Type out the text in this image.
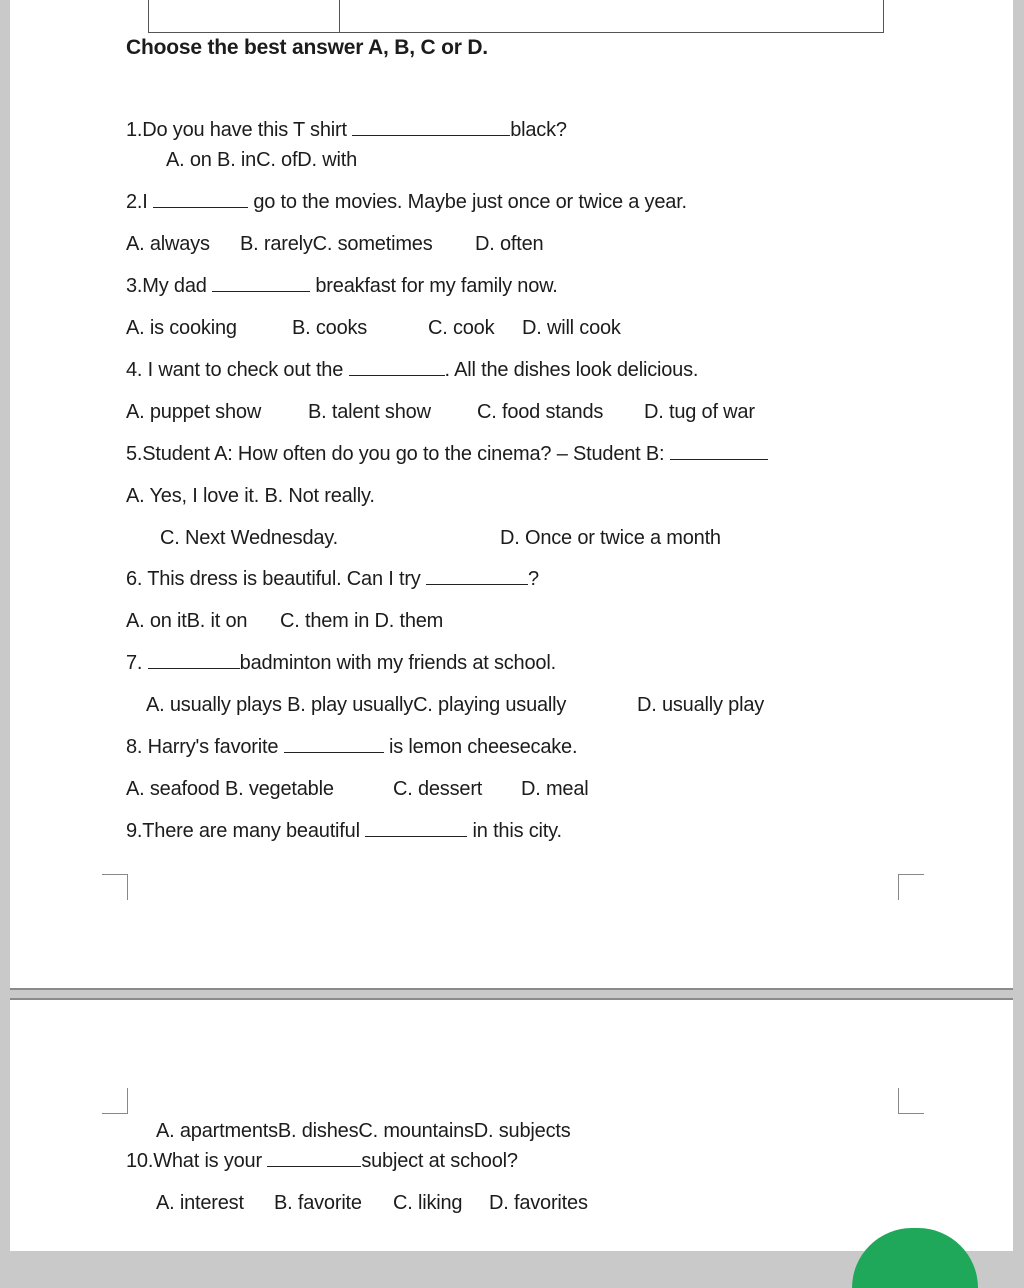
Choose the best answer A, B, C or D.
1.Do you have this T shirt	black?
A. on B. inC. ofD. with
2.I	go to the movies. Maybe just once or twice a year.
A. always B. rarelyC. sometimes D. often
3.My dad	breakfast for my family now.
A. is cooking	B. cooks	C. cook D. will cook
4. I want to check out the	. All the dishes look delicious.
A. puppet show B. talent show C. food stands D. tug of war
5.Student A: How often do you go to the cinema? – Student B:
A. Yes, I love it. B. Not really.
C. Next Wednesday.	D. Once or twice a month
6. This dress is beautiful. Can I try	?
A. on itB. it on C. them in D. them
7.	badminton with my friends at school.
A. usually plays B. play usuallyC. playing usually	D. usually play
8. Harry's favorite	is lemon cheesecake.
A. seafood B. vegetable	C. dessert D. meal
9.There are many beautiful	in this city.
A. apartmentsB. dishesC. mountainsD. subjects
10.What is your	subject at school?
A. interest B. favorite C. liking D. favorites
